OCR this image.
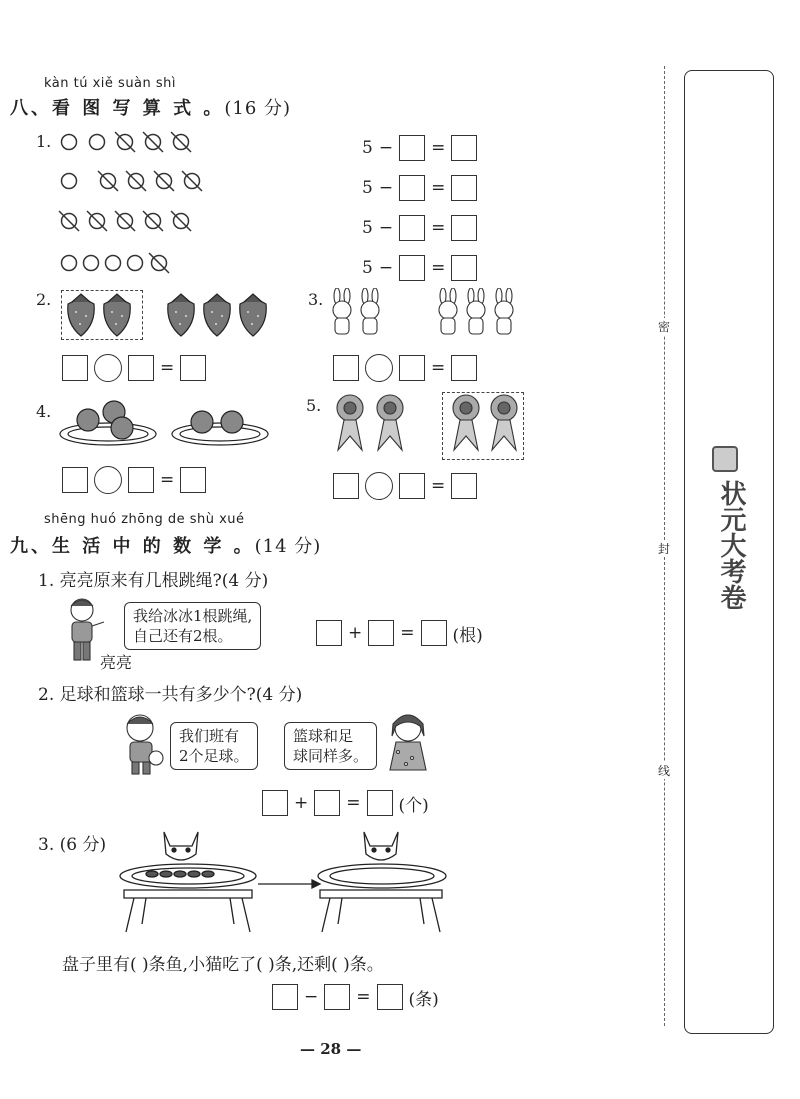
kàn tú xiě suàn shì
八、看 图 写 算 式 。(16 分)
1.	5 − =
5 − =
5 − =
5 − =
2.
=
3.
=
4.
=
5.
=
shēng huó zhōng de shù xué
九、生 活 中 的 数 学 。(14 分)
1. 亮亮原来有几根跳绳?(4 分)
亮亮
我给冰冰1根跳绳,
自己还有2根。	+ = (根)
2. 足球和篮球一共有多少个?(4 分)
我们班有
2个足球。
篮球和足
球同样多。
+ = (个)
3. (6 分)
盘子里有( )条鱼,小猫吃了( )条,还剩( )条。
− = (条)
— 28 —
密
封
线
状元大考卷
